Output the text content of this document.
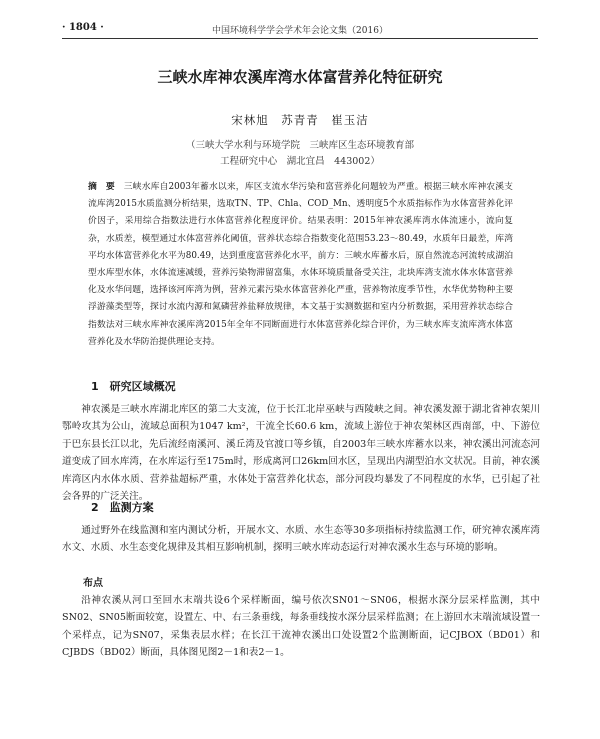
· 1804 ·	中国环境科学学会学术年会论文集（2016）
三峡水库神农溪库湾水体富营养化特征研究
宋林旭　苏青青　崔玉洁
（三峡大学水利与环境学院　三峡库区生态环境教育部
工程研究中心　湖北宜昌　443002）
摘　要　 三峡水库自2003年蓄水以来，库区支流水华污染和富营养化问题较为严重。根据三峡水库神农溪支流库湾2015水质监测分析结果，选取TN、TP、Chla、COD_Mn、透明度5个水质指标作为水体富营养化评价因子，采用综合指数法进行水体富营养化程度评价。结果表明：2015年神农溪库湾水体流速小，流向复杂，水质差，模型通过水体富营养化阈值，营养状态综合指数变化范围53.23～80.49，水质年日最差，库湾平均水体富营养化水平为80.49，达到重度富营养化水平，前方：三峡水库蓄水后，原自然流态河流转成湖泊型水库型水体，水体流速减缓，营养污染物滞留富集，水体环境质量备受关注，北块库湾支流水体水体富营养化及水华问题，选择该河库湾为例，营养元素污染水体富营养化严重，营养物浓度季节性，水华优势物种主要浮游藻类型等，探讨水流内源和氮磷营养盐释放规律，本文基于实测数据和室内分析数据，采用营养状态综合指数法对三峡水库神农溪库湾2015年全年不同断面进行水体富营养化综合评价，为三峡水库支流库湾水体富营养化及水华防治提供理论支持。
1　研究区域概况

神农溪是三峡水库湖北库区的第二大支流，位于长江北岸巫峡与西陵峡之间。神农溪发源于湖北省神农架川鄂岭攻其为公山，流域总面积为1047 km²，干流全长60.6 km，流域上游位于神农架林区西南部，中、下游位于巴东县长江以北，先后流经南溪河、溪丘湾及官渡口等乡镇，自2003年三峡水库蓄水以来，神农溪出河流态河道变成了回水库湾，在水库运行至175m时，形成离河口26km回水区，呈现出内湖型泊水文状况。目前，神农溪库湾区内水体水质、营养盐超标严重，水体处于富营养化状态，部分河段均暴发了不同程度的水华，已引起了社会各界的广泛关注。

2　监测方案

通过野外在线监测和室内测试分析，开展水文、水质、水生态等30多项指标持续监测工作，研究神农溪库湾水文、水质、水生态变化规律及其相互影响机制，探明三峡水库动态运行对神农溪水生态与环境的影响。

布点

沿神农溪从河口至回水末端共设6个采样断面，编号依次SN01～SN06，根据水深分层采样监测，其中SN02、SN05断面较宽，设置左、中、右三条垂线，每条垂线按水深分层采样监测；在上游回水末端流域设置一个采样点，记为SN07，采集表层水样；在长江干流神农溪出口处设置2个监测断面，记CJBOX（BD01）和CJBDS（BD02）断面，具体图见图2－1和表2－1。
